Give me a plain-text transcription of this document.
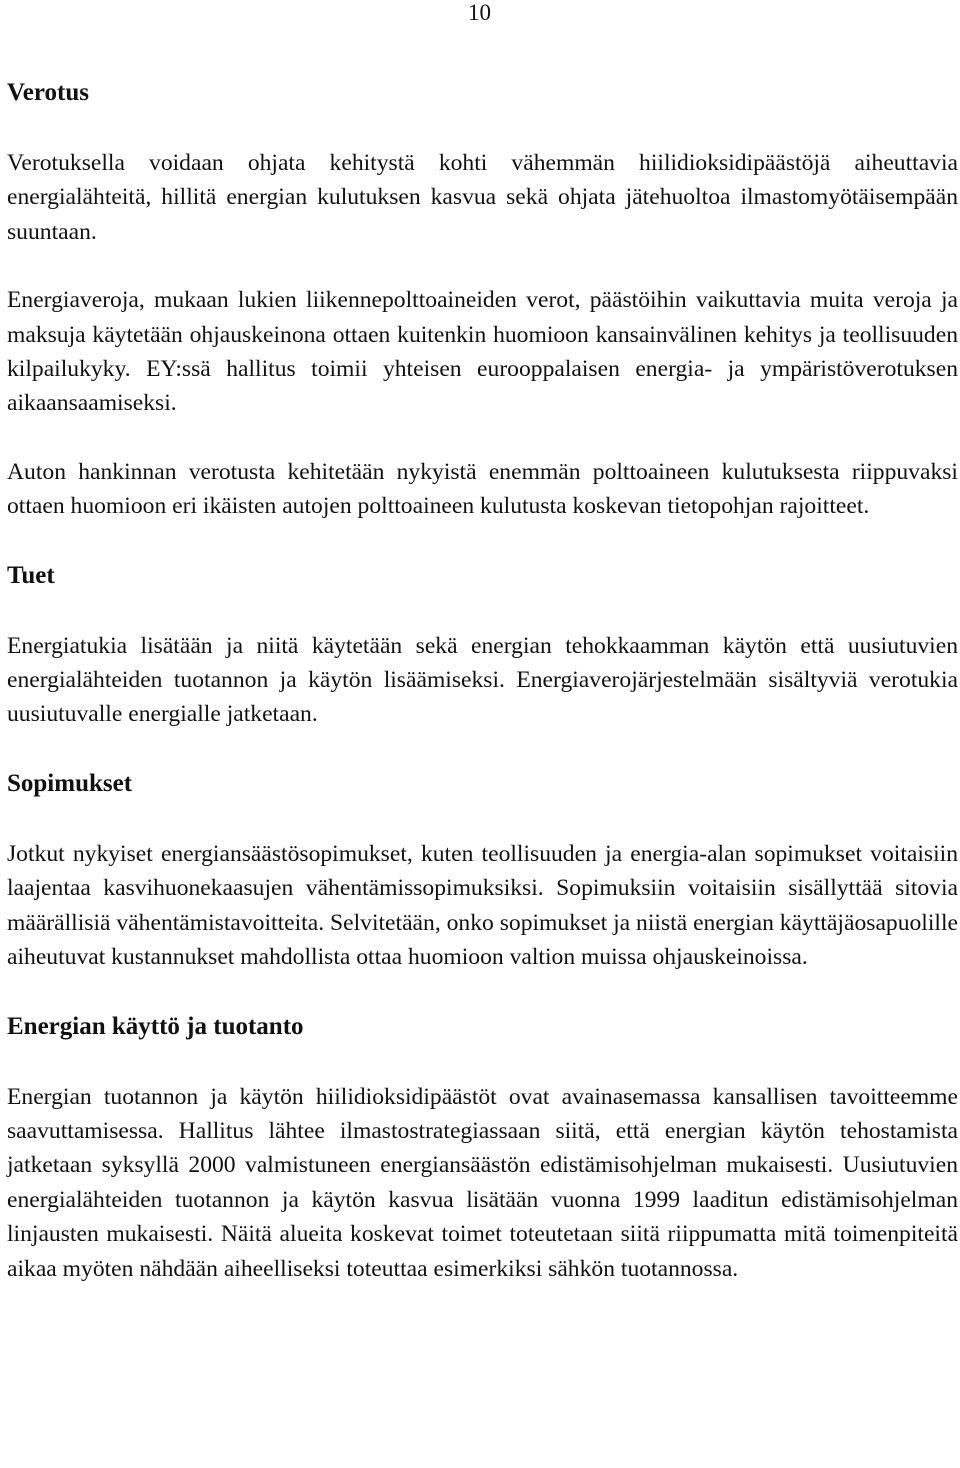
10
Verotus

Verotuksella voidaan ohjata kehitystä kohti vähemmän hiilidioksidipäästöjä aiheuttavia energialähteitä, hillitä energian kulutuksen kasvua sekä ohjata jätehuoltoa ilmastomyötäisempään suuntaan.

Energiaveroja, mukaan lukien liikennepolttoaineiden verot, päästöihin vaikuttavia muita veroja ja maksuja käytetään ohjauskeinona ottaen kuitenkin huomioon kansainvälinen kehitys ja teollisuuden kilpailukyky. EY:ssä hallitus toimii yhteisen eurooppalaisen energia- ja ympäristöverotuksen aikaansaamiseksi.

Auton hankinnan verotusta kehitetään nykyistä enemmän polttoaineen kulutuksesta riippuvaksi ottaen huomioon eri ikäisten autojen polttoaineen kulutusta koskevan tietopohjan rajoitteet.

Tuet

Energiatukia lisätään ja niitä käytetään sekä energian tehokkaamman käytön että uusiutuvien energialähteiden tuotannon ja käytön lisäämiseksi. Energiaverojärjestelmään sisältyviä verotukia uusiutuvalle energialle jatketaan.

Sopimukset

Jotkut nykyiset energiansäästösopimukset, kuten teollisuuden ja energia-alan sopimukset voitaisiin laajentaa kasvihuonekaasujen vähentämissopimuksiksi. Sopimuksiin voitaisiin sisällyttää sitovia määrällisiä vähentämistavoitteita. Selvitetään, onko sopimukset ja niistä energian käyttäjäosapuolille aiheutuvat kustannukset mahdollista ottaa huomioon valtion muissa ohjauskeinoissa.

Energian käyttö ja tuotanto

Energian tuotannon ja käytön hiilidioksidipäästöt ovat avainasemassa kansallisen tavoitteemme saavuttamisessa. Hallitus lähtee ilmastostrategiassaan siitä, että energian käytön tehostamista jatketaan syksyllä 2000 valmistuneen energiansäästön edistämisohjelman mukaisesti. Uusiutuvien energialähteiden tuotannon ja käytön kasvua lisätään vuonna 1999 laaditun edistämisohjelman linjausten mukaisesti. Näitä alueita koskevat toimet toteutetaan siitä riippumatta mitä toimenpiteitä aikaa myöten nähdään aiheelliseksi toteuttaa esimerkiksi sähkön tuotannossa.
